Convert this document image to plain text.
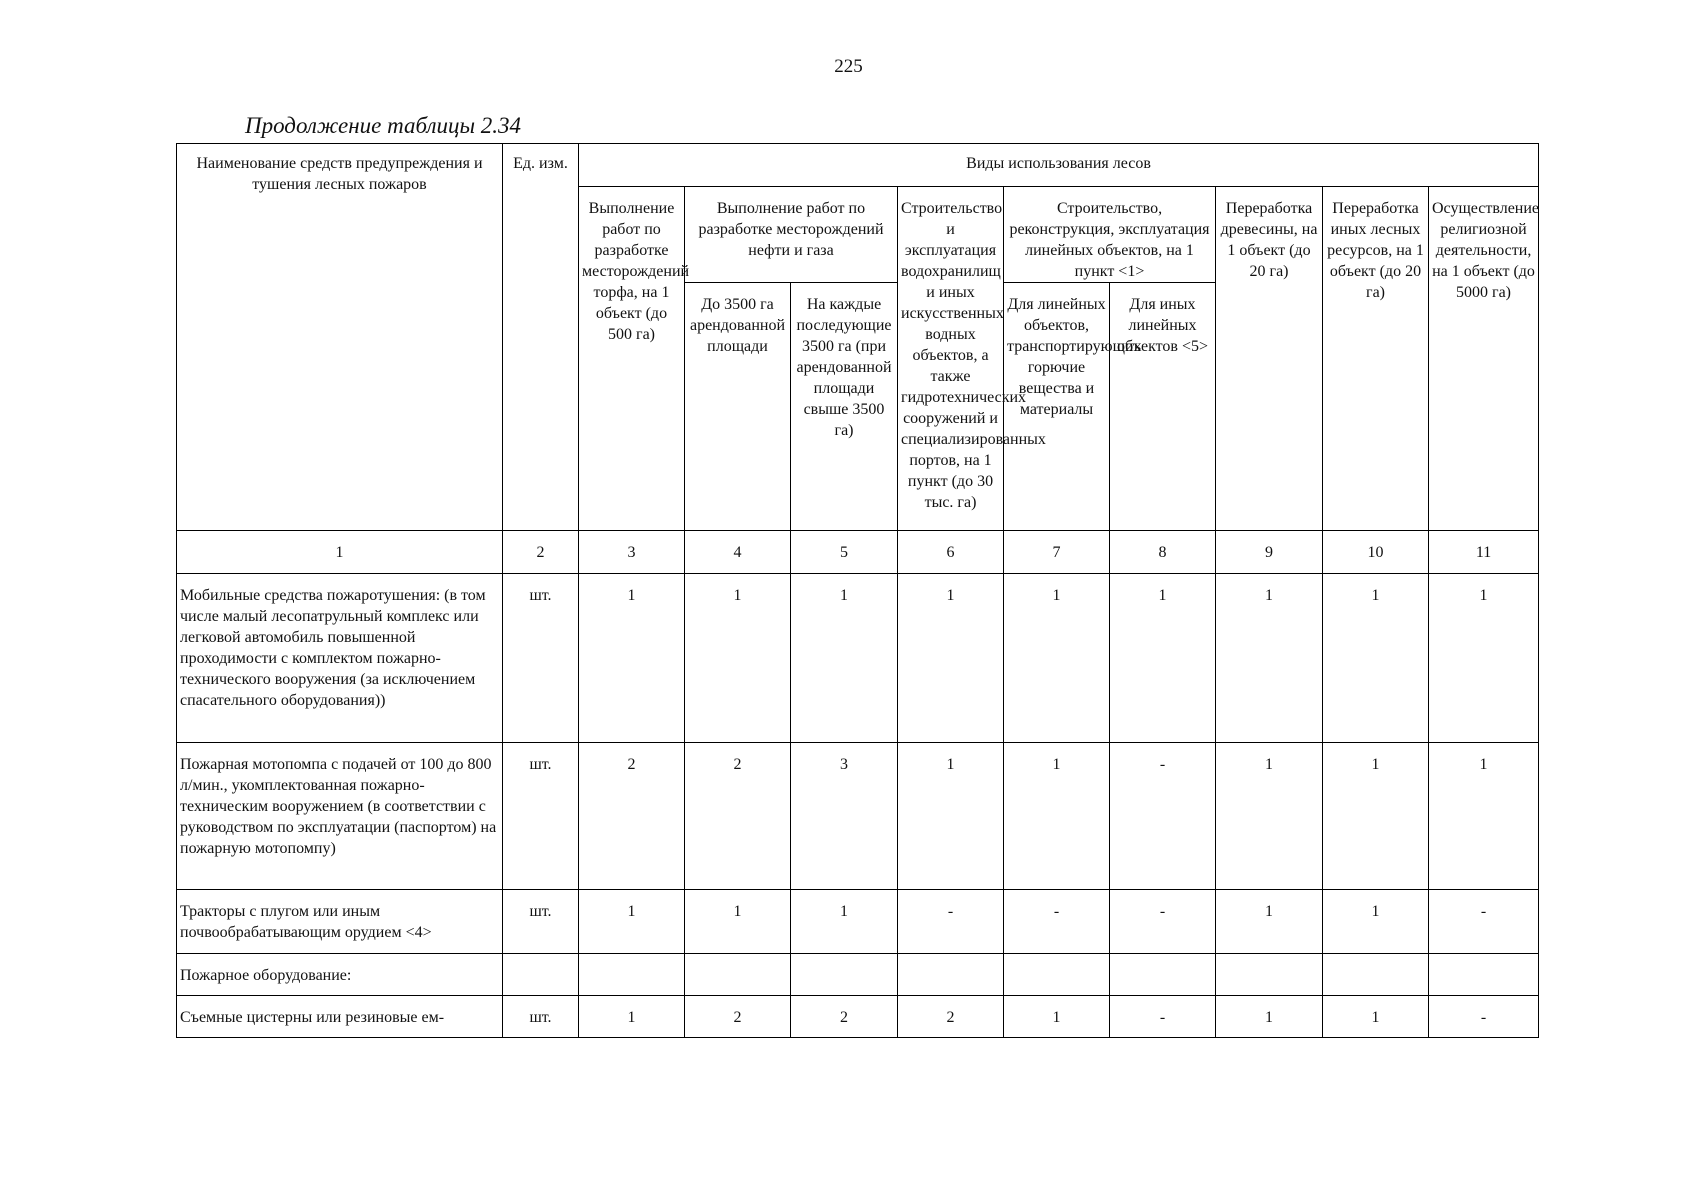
225
Продолжение таблицы 2.34
Наименование средств предупреждения и тушения лесных пожаров	Ед. изм.	Виды использования лесов								
		Выполнение работ по разработке месторождений торфа, на 1 объект (до 500 га)	Выполнение работ по разработке месторождений нефти и газа		Строительство и эксплуатация водохранилищ и иных искусственных водных объектов, а также гидротехнических сооружений и специализированных портов, на 1 пункт (до 30 тыс. га)	Строительство, реконструкция, эксплуатация линейных объектов, на 1 пункт <1>		Переработка древесины, на 1 объект (до 20 га)	Переработка иных лесных ресурсов, на 1 объект (до 20 га)	Осуществление религиозной деятельности, на 1 объект (до 5000 га)
			До 3500 га арендованной площади	На каждые последующие 3500 га (при арендованной площади свыше 3500 га)		Для линейных объектов, транспортирующих горючие вещества и материалы	Для иных линейных объектов <5>			
1	2	3	4	5	6	7	8	9	10	11
Мобильные средства пожаротушения: (в том числе малый лесопатрульный комплекс или легковой автомобиль повышенной проходимости с комплектом пожарно-технического вооружения (за исключением спасательного оборудования))	шт.	1	1	1	1	1	1	1	1	1
Пожарная мотопомпа с подачей от 100 до 800 л/мин., укомплектованная пожарно-техническим вооружением (в соответствии с руководством по эксплуатации (паспортом) на пожарную мотопомпу)	шт.	2	2	3	1	1	-	1	1	1
Тракторы с плугом или иным почвообрабатывающим орудием <4>	шт.	1	1	1	-	-	-	1	1	-
Пожарное оборудование:										
Съемные цистерны или резиновые ем-	шт.	1	2	2	2	1	-	1	1	-
